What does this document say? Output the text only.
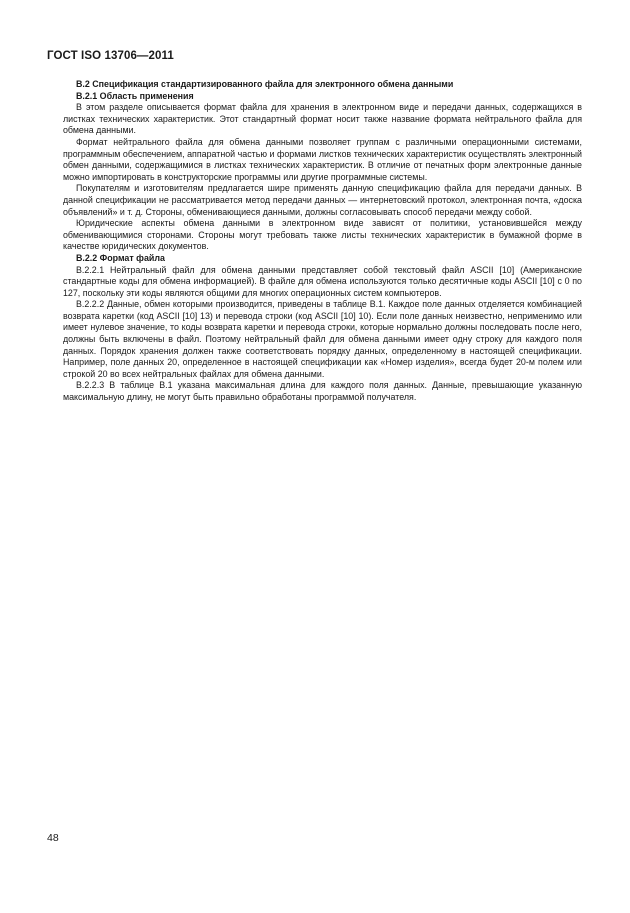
ГОСТ ISO 13706—2011

В.2 Спецификация стандартизированного файла для электронного обмена данными

В.2.1 Область применения

В этом разделе описывается формат файла для хранения в электронном виде и передачи данных, содержащихся в листках технических характеристик. Этот стандартный формат носит также название формата нейтрального файла для обмена данными.

Формат нейтрального файла для обмена данными позволяет группам с различными операционными системами, программным обеспечением, аппаратной частью и формами листков технических характеристик осуществлять электронный обмен данными, содержащимися в листках технических характеристик. В отличие от печатных форм электронные данные можно импортировать в конструкторские программы или другие программные системы.

Покупателям и изготовителям предлагается шире применять данную спецификацию файла для передачи данных. В данной спецификации не рассматривается метод передачи данных — интернетовский протокол, электронная почта, «доска объявлений» и т. д. Стороны, обменивающиеся данными, должны согласовывать способ передачи между собой.

Юридические аспекты обмена данными в электронном виде зависят от политики, установившейся между обменивающимися сторонами. Стороны могут требовать также листы технических характеристик в бумажной форме в качестве юридических документов.

В.2.2 Формат файла

В.2.2.1 Нейтральный файл для обмена данными представляет собой текстовый файл ASCII [10] (Американские стандартные коды для обмена информацией). В файле для обмена используются только десятичные коды ASCII [10] с 0 по 127, поскольку эти коды являются общими для многих операционных систем компьютеров.

В.2.2.2 Данные, обмен которыми производится, приведены в таблице В.1. Каждое поле данных отделяется комбинацией возврата каретки (код ASCII [10] 13) и перевода строки (код ASCII [10] 10). Если поле данных неизвестно, неприменимо или имеет нулевое значение, то коды возврата каретки и перевода строки, которые нормально должны последовать после него, должны быть включены в файл. Поэтому нейтральный файл для обмена данными имеет одну строку для каждого поля данных. Порядок хранения должен также соответствовать порядку данных, определенному в настоящей спецификации. Например, поле данных 20, определенное в настоящей спецификации как «Номер изделия», всегда будет 20-м полем или строкой 20 во всех нейтральных файлах для обмена данными.

В.2.2.3 В таблице В.1 указана максимальная длина для каждого поля данных. Данные, превышающие указанную максимальную длину, не могут быть правильно обработаны программой получателя.

48
